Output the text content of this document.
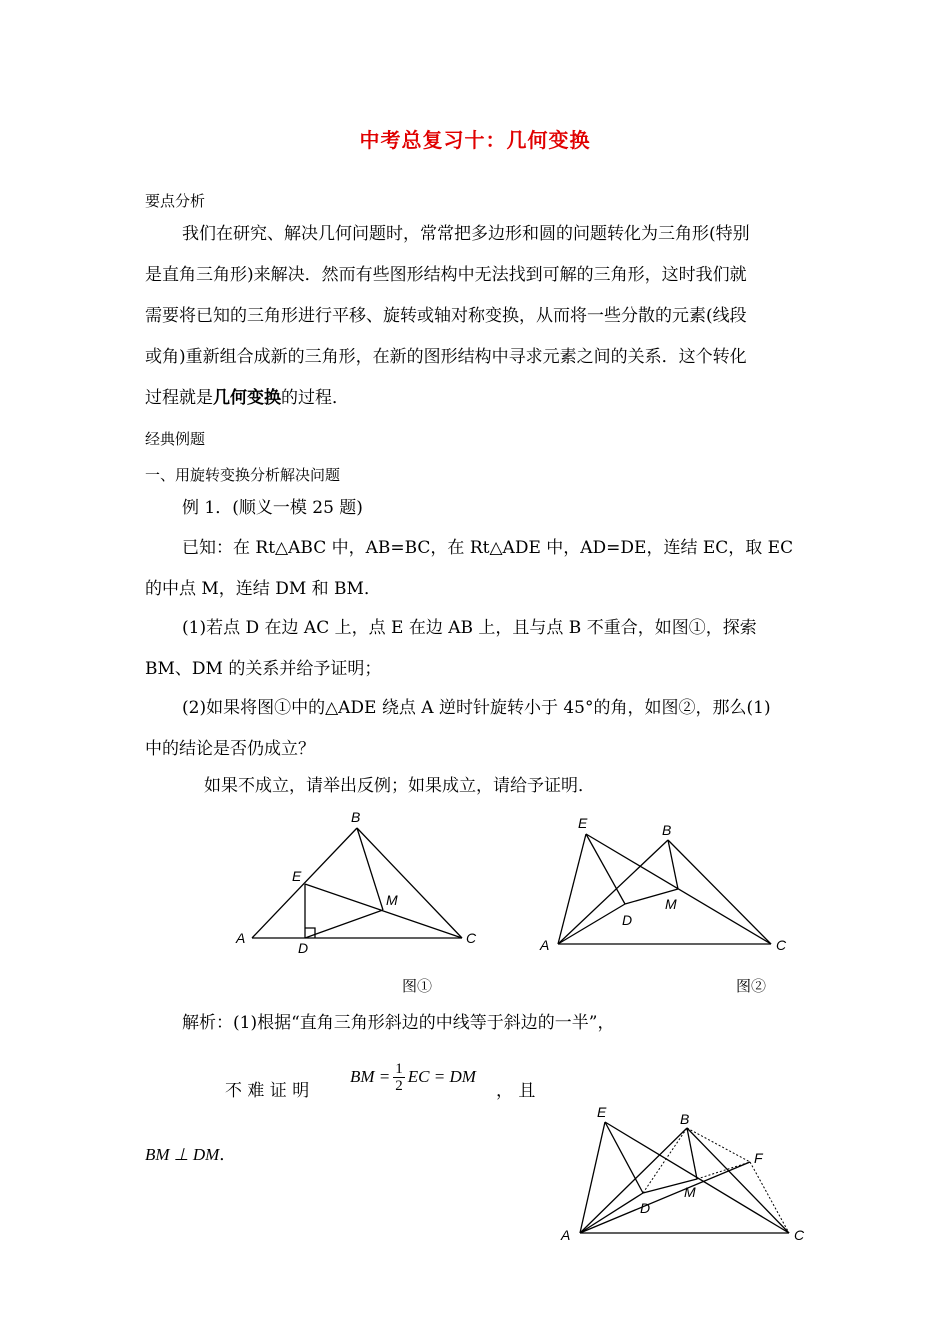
中考总复习十：几何变换
要点分析
我们在研究、解决几何问题时，常常把多边形和圆的问题转化为三角形(特别
是直角三角形)来解决．然而有些图形结构中无法找到可解的三角形，这时我们就
需要将已知的三角形进行平移、旋转或轴对称变换，从而将一些分散的元素(线段
或角)重新组合成新的三角形，在新的图形结构中寻求元素之间的关系．这个转化
过程就是几何变换的过程．
经典例题
一、用旋转变换分析解决问题
例 1．(顺义一模 25 题)
已知：在 Rt△ABC 中，AB=BC，在 Rt△ADE 中，AD=DE，连结 EC，取 EC
的中点 M，连结 DM 和 BM．
(1)若点 D 在边 AC 上，点 E 在边 AB 上，且与点 B 不重合，如图①，探索
BM、DM 的关系并给予证明；
(2)如果将图①中的△ADE 绕点 A 逆时针旋转小于 45°的角，如图②，那么(1)
中的结论是否仍成立？
如果不成立，请举出反例；如果成立，请给予证明．
A
B
C
D
E
M
A
B
C
D
E
M
图①	图②
解析：(1)根据“直角三角形斜边的中线等于斜边的一半”，
不 难 证 明
BM = $\frac{1}{2}$ EC = DM
， 且
BM ⊥ DM．
A
B
C
D
E
M
F
